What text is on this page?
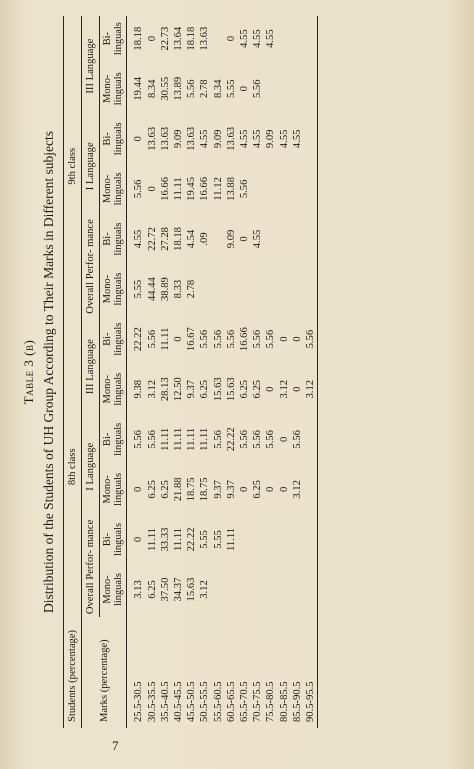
Table 3 (b) Distribution of the Students of UH Group According to Their Marks in Different subjects
Students (percentage)	8th class						9th class					
Marks (percentage)	Overall Perfor- mance		I Language		III Language		Overall Perfor- mance		I Language		III Language	
	Mono- linguals	Bi- linguals	Mono- linguals	Bi- linguals	Mono- linguals	Bi- linguals	Mono- linguals	Bi- linguals	Mono- linguals	Bi- linguals	Mono- linguals	Bi- linguals
25.5-30.5	3.13	0	0	5.56	9.38	22.22	5.55	4.55	5.56	0	19.44	18.18
30.5-35.5	6.25	11.11	6.25	5.56	3.12	5.56	44.44	22.72	0	13.63	8.34	0
35.5-40.5	37.50	33.33	6.25	11.11	28.13	11.11	38.89	27.28	16.66	13.63	30.55	22.73
40.5-45.5	34.37	11.11	21.88	11.11	12.50	0	8.33	18.18	11.11	9.09	13.89	13.64
45.5-50.5	15.63	22.22	18.75	11.11	9.37	16.67	2.78	4.54	19.45	13.63	5.56	18.18
50.5-55.5	3.12	5.55	18.75	11.11	6.25	5.56		.09	16.66	4.55	2.78	13.63
55.5-60.5		5.55	9.37	5.56	15.63	5.56			11.12	9.09	8.34	
60.5-65.5		11.11	9.37	22.22	15.63	5.56		9.09	13.88	13.63	5.55	0
65.5-70.5			0	5.56	6.25	16.66		0	5.56	4.55	0	4.55
70.5-75.5			6.25	5.56	6.25	5.56		4.55		4.55	5.56	4.55
75.5-80.5			0	5.56	0	5.56				9.09		4.55
80.5-85.5			0	0	3.12	0				4.55		
85.5-90.5			3.12	5.56	0	0				4.55		
90.5-95.5					3.12	5.56						
7
